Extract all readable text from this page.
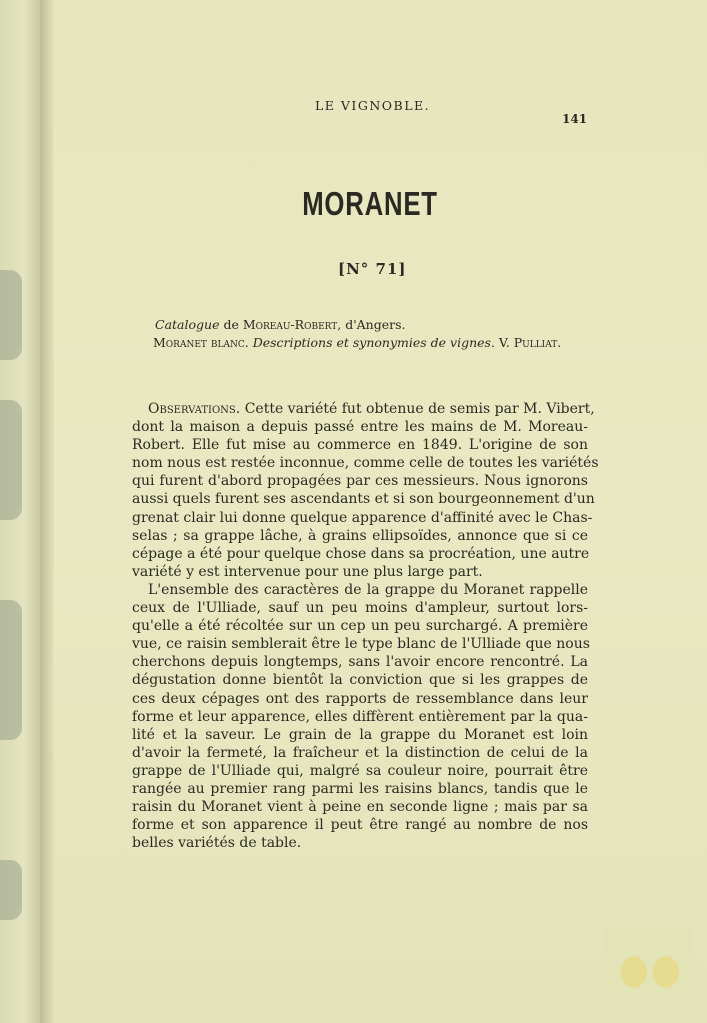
LE VIGNOBLE.
141
MORANET
[N° 71]
Catalogue de Moreau-Robert, d'Angers.
Moranet blanc. Descriptions et synonymies de vignes. V. Pulliat.
Observations. Cette variété fut obtenue de semis par M. Vibert,
dont la maison a depuis passé entre les mains de M. Moreau-
Robert. Elle fut mise au commerce en 1849. L'origine de son
nom nous est restée inconnue, comme celle de toutes les variétés
qui furent d'abord propagées par ces messieurs. Nous ignorons
aussi quels furent ses ascendants et si son bourgeonnement d'un
grenat clair lui donne quelque apparence d'affinité avec le Chas-
selas ; sa grappe lâche, à grains ellipsoïdes, annonce que si ce
cépage a été pour quelque chose dans sa procréation, une autre
variété y est intervenue pour une plus large part.
L'ensemble des caractères de la grappe du Moranet rappelle
ceux de l'Ulliade, sauf un peu moins d'ampleur, surtout lors-
qu'elle a été récoltée sur un cep un peu surchargé. A première
vue, ce raisin semblerait être le type blanc de l'Ulliade que nous
cherchons depuis longtemps, sans l'avoir encore rencontré. La
dégustation donne bientôt la conviction que si les grappes de
ces deux cépages ont des rapports de ressemblance dans leur
forme et leur apparence, elles diffèrent entièrement par la qua-
lité et la saveur. Le grain de la grappe du Moranet est loin
d'avoir la fermeté, la fraîcheur et la distinction de celui de la
grappe de l'Ulliade qui, malgré sa couleur noire, pourrait être
rangée au premier rang parmi les raisins blancs, tandis que le
raisin du Moranet vient à peine en seconde ligne ; mais par sa
forme et son apparence il peut être rangé au nombre de nos
belles variétés de table.
